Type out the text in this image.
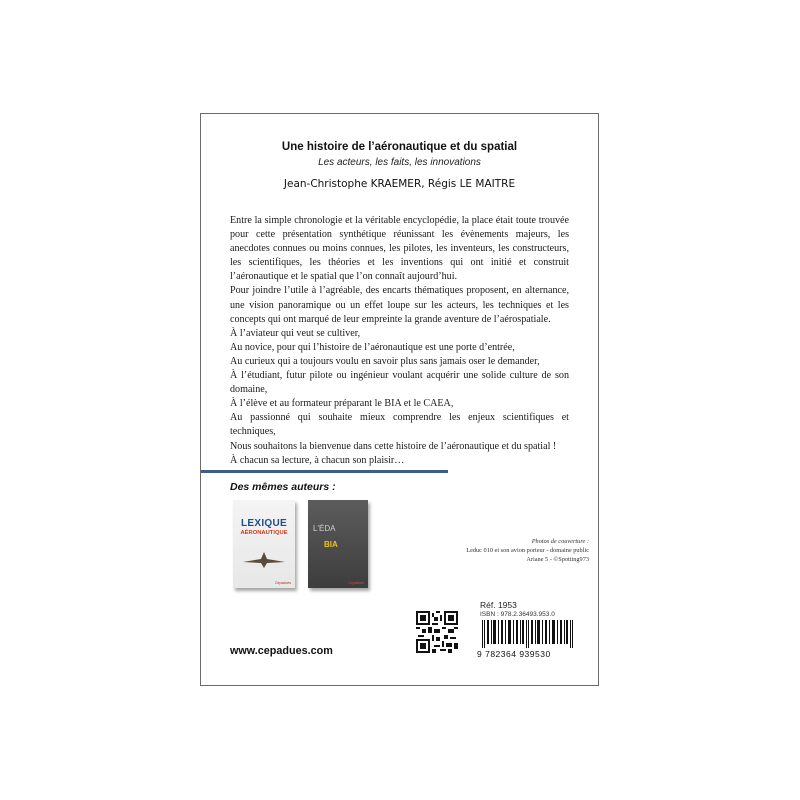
Une histoire de l’aéronautique et du spatial
Les acteurs, les faits, les innovations
Jean-Christophe KRAEMER, Régis LE MAITRE

Entre la simple chronologie et la véritable encyclopédie, la place était toute trouvée pour cette présentation synthétique réunissant les évènements majeurs, les anecdotes connues ou moins connues, les pilotes, les inventeurs, les constructeurs, les scientifiques, les théories et les inventions qui ont initié et construit l’aéronautique et le spatial que l’on connaît aujourd’hui.

Pour joindre l’utile à l’agréable, des encarts thématiques proposent, en alternance, une vision panoramique ou un effet loupe sur les acteurs, les techniques et les concepts qui ont marqué de leur empreinte la grande aventure de l’aérospatiale.

À l’aviateur qui veut se cultiver,

Au novice, pour qui l’histoire de l’aéronautique est une porte d’entrée,

Au curieux qui a toujours voulu en savoir plus sans jamais oser le demander,

À l’étudiant, futur pilote ou ingénieur voulant acquérir une solide culture de son domaine,

À l’élève et au formateur préparant le BIA et le CAEA,

Au passionné qui souhaite mieux comprendre les enjeux scientifiques et techniques,

Nous souhaitons la bienvenue dans cette histoire de l’aéronautique et du spatial !

À chacun sa lecture, à chacun son plaisir…

Des mêmes auteurs :
LEXIQUE
AÉRONAUTIQUE
Cépaduès
L'ÉDA
BIA
Cépaduès
Photos de couverture :
Leduc 010 et son avion porteur - domaine public
Ariane 5 - ©Spotting973
Réf. 1953
ISBN : 978.2.36493.953.0
9 782364 939530
www.cepadues.com
